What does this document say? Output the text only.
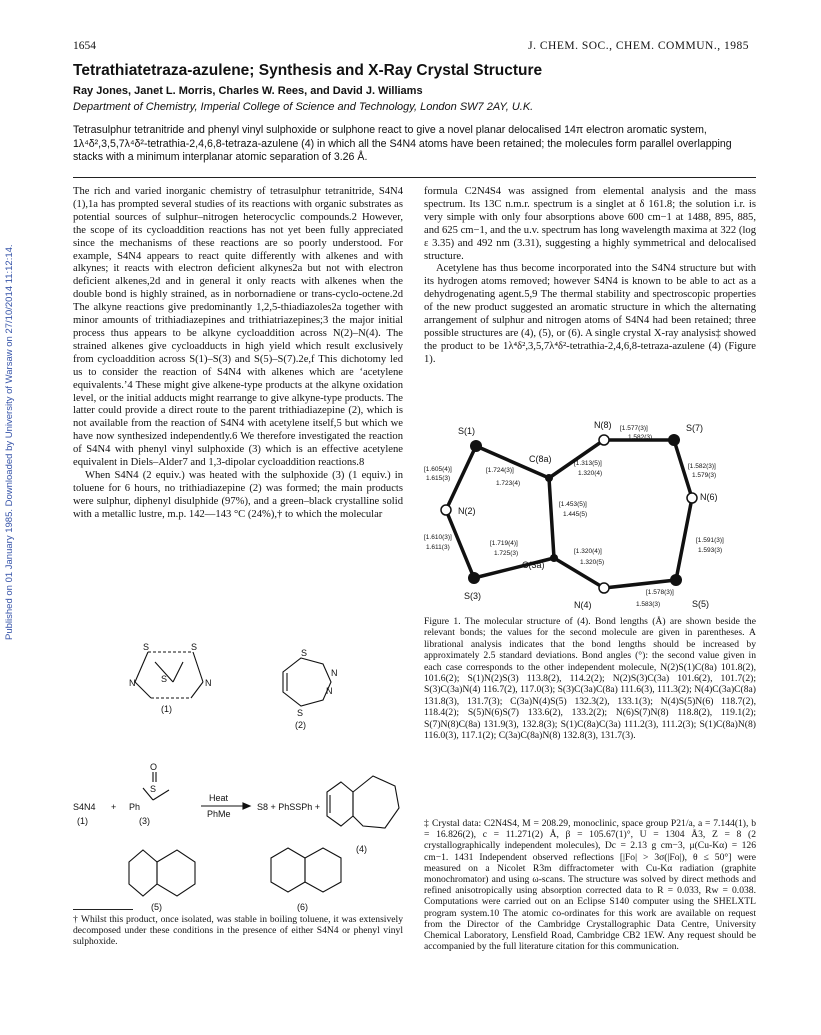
1654	J. CHEM. SOC., CHEM. COMMUN., 1985
Published on 01 January 1985. Downloaded by University of Warsaw on 27/10/2014 11:12:14.
Tetrathiatetraza-azulene; Synthesis and X-Ray Crystal Structure
Ray Jones, Janet L. Morris, Charles W. Rees, and David J. Williams
Department of Chemistry, Imperial College of Science and Technology, London SW7 2AY, U.K.
Tetrasulphur tetranitride and phenyl vinyl sulphoxide or sulphone react to give a novel planar delocalised 14π electron aromatic system, 1λ⁴δ²,3,5,7λ⁴δ²-tetrathia-2,4,6,8-tetraza-azulene (4) in which all the S4N4 atoms have been retained; the molecules form parallel overlapping stacks with a minimum interplanar atomic separation of 3.26 Å.

The rich and varied inorganic chemistry of tetrasulphur tetranitride, S4N4 (1),1a has prompted several studies of its reactions with organic substrates as potential sources of sulphur–nitrogen heterocyclic compounds.2 However, the scope of its cycloaddition reactions has not yet been fully appreciated since the mechanisms of these reactions are so poorly understood. For example, S4N4 appears to react quite differently with alkenes and with alkynes; it reacts with electron deficient alkynes2a but not with electron deficient alkenes,2d and in general it only reacts with alkenes when the double bond is highly strained, as in norbornadiene or trans-cyclo-octene.2d The alkyne reactions give predominantly 1,2,5-thiadiazoles2a together with minor amounts of trithiadiazepines and trithiatriazepines;3 the major initial process thus appears to be alkyne cycloaddition across N(2)–N(4). The strained alkenes give cycloadducts in high yield which result exclusively from cycloaddition across S(1)–S(3) and S(5)–S(7).2e,f This dichotomy led us to consider the reaction of S4N4 with alkenes which are ‘acetylene equivalents.’4 These might give alkene-type products at the alkyne oxidation level, or the initial adducts might rearrange to give alkyne-type products. The latter could provide a direct route to the parent trithiadiazepine (2), which is not available from the reaction of S4N4 with acetylene itself,5 but which we have now synthesized independently.6 We therefore investigated the reaction of S4N4 with phenyl vinyl sulphoxide (3) which is an effective acetylene equivalent in Diels–Alder7 and 1,3-dipolar cycloaddition reactions.8

When S4N4 (2 equiv.) was heated with the sulphoxide (3) (1 equiv.) in toluene for 6 hours, no trithiadiazepine (2) was formed; the main products were sulphur, diphenyl disulphide (97%), and a green–black crystalline solid with a metallic lustre, m.p. 142—143 °C (24%),† to which the molecular

formula C2N4S4 was assigned from elemental analysis and the mass spectrum. Its 13C n.m.r. spectrum is a singlet at δ 161.8; the solution i.r. is very simple with only four absorptions above 600 cm−1 at 1488, 895, 885, and 625 cm−1, and the u.v. spectrum has long wavelength maxima at 322 (log ε 3.35) and 492 nm (3.31), suggesting a highly symmetrical and delocalised structure.

Acetylene has thus become incorporated into the S4N4 structure but with its hydrogen atoms removed; however S4N4 is known to be able to act as a dehydrogenating agent.5,9 The thermal stability and spectroscopic properties of the new product suggested an aromatic structure in which the alternating arrangement of sulphur and nitrogen atoms of S4N4 had been retained; three possible structures are (4), (5), or (6). A single crystal X-ray analysis‡ showed the product to be 1λ⁴δ²,3,5,7λ⁴δ²-tetrathia-2,4,6,8-tetraza-azulene (4) (Figure 1).

S(1)
N(2)
S(3)
C(3a)
N(4)	S(5)
N(6)
S(7)
N(8)
C(8a)
[1.577(3)]
1.582(3)
[1.582(3)]
1.579(3)
[1.605(4)]
1.615(3)
[1.724(3)]
1.723(4)
[1.313(5)]
1.320(4)
[1.453(5)]
1.445(5)
[1.610(3)]
1.611(3)
[1.719(4)]
1.725(3)	[1.320(4)]
1.320(5)
[1.591(3)]
1.593(3)
[1.578(3)]
1.583(3)
Figure 1. The molecular structure of (4). Bond lengths (Å) are shown beside the relevant bonds; the values for the second molecule are given in parentheses. A librational analysis indicates that the bond lengths should be increased by approximately 2.5 standard deviations. Bond angles (°): the second value given in each case corresponds to the other independent molecule, N(2)S(1)C(8a) 101.8(2), 101.6(2); S(1)N(2)S(3) 113.8(2), 114.2(2); N(2)S(3)C(3a) 101.6(2), 101.7(2); S(3)C(3a)N(4) 116.7(2), 117.0(3); S(3)C(3a)C(8a) 111.6(3), 111.3(2); N(4)C(3a)C(8a) 131.8(3), 131.7(3); C(3a)N(4)S(5) 132.3(2), 133.1(3); N(4)S(5)N(6) 118.7(2), 118.4(2); S(5)N(6)S(7) 133.6(2), 133.2(2); N(6)S(7)N(8) 118.8(2), 119.1(2); S(7)N(8)C(8a) 131.9(3), 132.8(3); S(1)C(8a)C(3a) 111.2(3), 111.2(3); S(1)C(8a)N(8) 116.0(3), 117.1(2); C(3a)C(8a)N(8) 132.8(3), 131.7(3).
‡ Crystal data: C2N4S4, M = 208.29, monoclinic, space group P21/a, a = 7.144(1), b = 16.826(2), c = 11.271(2) Å, β = 105.67(1)°, U = 1304 Å3, Z = 8 (2 crystallographically independent molecules), Dc = 2.13 g cm−3, μ(Cu-Kα) = 126 cm−1. 1431 Independent observed reflections [|Fo| > 3σ(|Fo|), θ ≤ 50°] were measured on a Nicolet R3m diffractometer with Cu-Kα radiation (graphite monochromator) and using ω-scans. The structure was solved by direct methods and refined anisotropically using absorption corrected data to R = 0.033, Rw = 0.038. Computations were carried out on an Eclipse S140 computer using the SHELXTL program system.10 The atomic co-ordinates for this work are available on request from the Director of the Cambridge Crystallographic Data Centre, University Chemical Laboratory, Lensfield Road, Cambridge CB2 1EW. Any request should be accompanied by the full literature citation for this communication.
S	S
S
N	N
(1)
S
S
N
N
(2)
S4N4
(1)
+ Ph
O
S
(3)
Heat
PhMe
S8 + PhSSPh +
(4)
(5)	(6)
† Whilst this product, once isolated, was stable in boiling toluene, it was extensively decomposed under these conditions in the presence of either S4N4 or phenyl vinyl sulphoxide.
